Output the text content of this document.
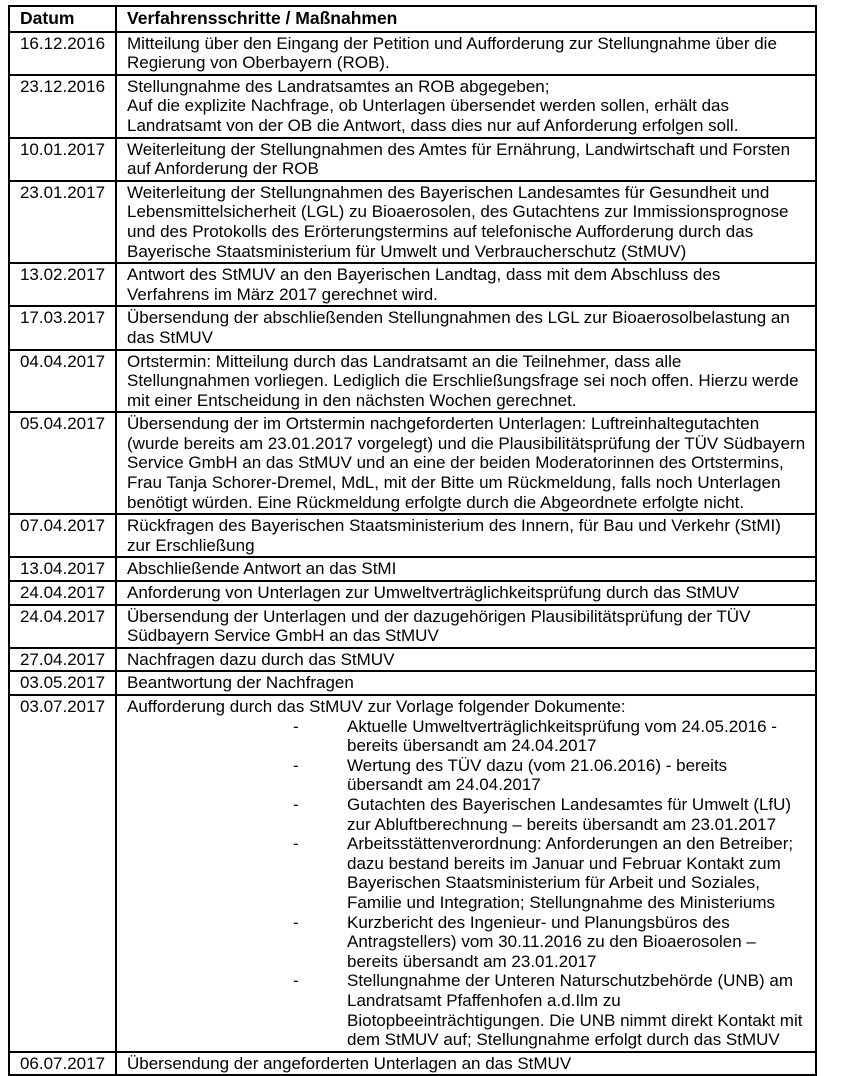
Datum	Verfahrensschritte / Maßnahmen
16.12.2016	Mitteilung über den Eingang der Petition und Aufforderung zur Stellungnahme über die Regierung von Oberbayern (ROB).
23.12.2016	Stellungnahme des Landratsamtes an ROB abgegeben;
Auf die explizite Nachfrage, ob Unterlagen übersendet werden sollen, erhält das Landratsamt von der OB die Antwort, dass dies nur auf Anforderung erfolgen soll.

10.01.2017	Weiterleitung der Stellungnahmen des Amtes für Ernährung, Landwirtschaft und Forsten auf Anforderung der ROB
23.01.2017	Weiterleitung der Stellungnahmen des Bayerischen Landesamtes für Gesundheit und Lebensmittelsicherheit (LGL) zu Bioaerosolen, des Gutachtens zur Immissionsprognose und des Protokolls des Erörterungstermins auf telefonische Aufforderung durch das Bayerische Staatsministerium für Umwelt und Verbraucherschutz (StMUV)
13.02.2017	Antwort des StMUV an den Bayerischen Landtag, dass mit dem Abschluss des Verfahrens im März 2017 gerechnet wird.
17.03.2017	Übersendung der abschließenden Stellungnahmen des LGL zur Bioaerosolbelastung an das StMUV
04.04.2017	Ortstermin: Mitteilung durch das Landratsamt an die Teilnehmer, dass alle Stellungnahmen vorliegen. Lediglich die Erschließungsfrage sei noch offen. Hierzu werde mit einer Entscheidung in den nächsten Wochen gerechnet.
05.04.2017	Übersendung der im Ortstermin nachgeforderten Unterlagen: Luftreinhaltegutachten (wurde bereits am 23.01.2017 vorgelegt) und die Plausibilitätsprüfung der TÜV Südbayern Service GmbH an das StMUV und an eine der beiden Moderatorinnen des Ortstermins, Frau Tanja Schorer-Dremel, MdL, mit der Bitte um Rückmeldung, falls noch Unterlagen benötigt würden. Eine Rückmeldung erfolgte durch die Abgeordnete erfolgte nicht.
07.04.2017	Rückfragen des Bayerischen Staatsministerium des Innern, für Bau und Verkehr (StMI) zur Erschließung
13.04.2017	Abschließende Antwort an das StMI
24.04.2017	Anforderung von Unterlagen zur Umweltverträglichkeitsprüfung durch das StMUV
24.04.2017	Übersendung der Unterlagen und der dazugehörigen Plausibilitätsprüfung der TÜV Südbayern Service GmbH an das StMUV
27.04.2017	Nachfragen dazu durch das StMUV
03.05.2017	Beantwortung der Nachfragen
03.07.2017	Aufforderung durch das StMUV zur Vorlage folgender Dokumente:
- Aktuelle Umweltverträglichkeitsprüfung vom 24.05.2016 - bereits übersandt am 24.04.2017
- Wertung des TÜV dazu (vom 21.06.2016) - bereits übersandt am 24.04.2017
- Gutachten des Bayerischen Landesamtes für Umwelt (LfU) zur Abluftberechnung – bereits übersandt am 23.01.2017
- Arbeitsstättenverordnung: Anforderungen an den Betreiber; dazu bestand bereits im Januar und Februar Kontakt zum Bayerischen Staatsministerium für Arbeit und Soziales, Familie und Integration; Stellungnahme des Ministeriums
- Kurzbericht des Ingenieur- und Planungsbüros des Antragstellers) vom 30.11.2016 zu den Bioaerosolen – bereits übersandt am 23.01.2017
- Stellungnahme der Unteren Naturschutzbehörde (UNB) am Landratsamt Pfaffenhofen a.d.Ilm zu Biotopbeeinträchtigungen. Die UNB nimmt direkt Kontakt mit dem StMUV auf; Stellungnahme erfolgt durch das StMUV

06.07.2017	Übersendung der angeforderten Unterlagen an das StMUV
